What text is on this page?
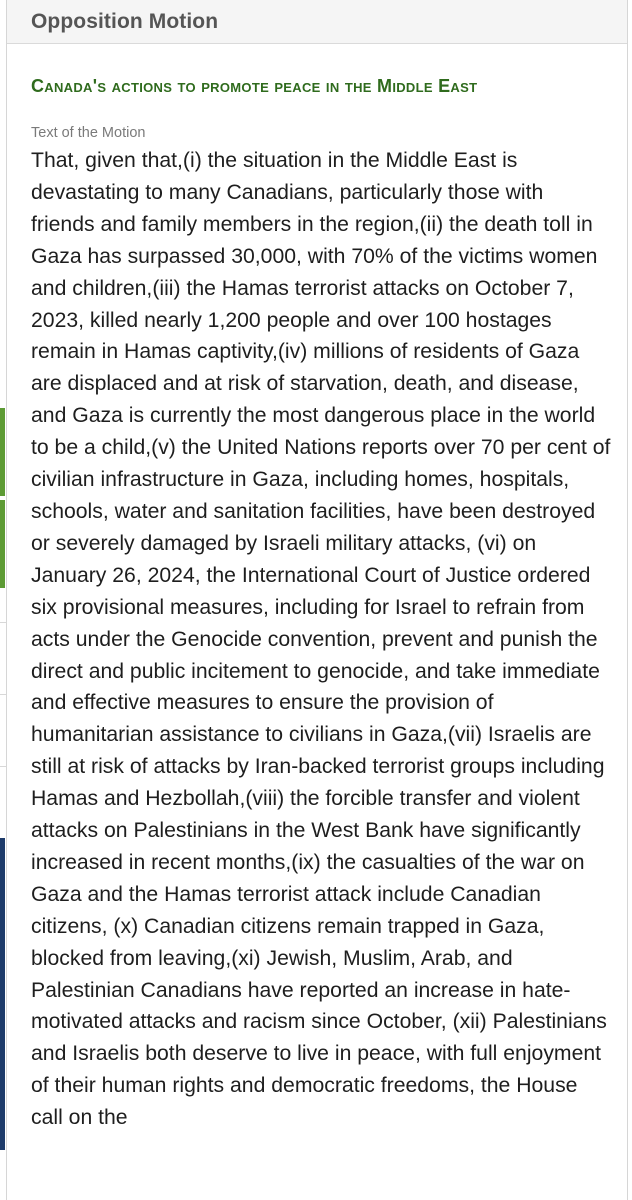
Opposition Motion
Canada's actions to promote peace in the Middle East
Text of the Motion
That, given that,(i) the situation in the Middle East is devastating to many Canadians, particularly those with friends and family members in the region,(ii) the death toll in Gaza has surpassed 30,000, with 70% of the victims women and children,(iii) the Hamas terrorist attacks on October 7, 2023, killed nearly 1,200 people and over 100 hostages remain in Hamas captivity,(iv) millions of residents of Gaza are displaced and at risk of starvation, death, and disease, and Gaza is currently the most dangerous place in the world to be a child,(v) the United Nations reports over 70 per cent of civilian infrastructure in Gaza, including homes, hospitals, schools, water and sanitation facilities, have been destroyed or severely damaged by Israeli military attacks, (vi) on January 26, 2024, the International Court of Justice ordered six provisional measures, including for Israel to refrain from acts under the Genocide convention, prevent and punish the direct and public incitement to genocide, and take immediate and effective measures to ensure the provision of humanitarian assistance to civilians in Gaza,(vii) Israelis are still at risk of attacks by Iran-backed terrorist groups including Hamas and Hezbollah,(viii) the forcible transfer and violent attacks on Palestinians in the West Bank have significantly increased in recent months,(ix) the casualties of the war on Gaza and the Hamas terrorist attack include Canadian citizens, (x) Canadian citizens remain trapped in Gaza, blocked from leaving,(xi) Jewish, Muslim, Arab, and Palestinian Canadians have reported an increase in hate-motivated attacks and racism since October, (xii) Palestinians and Israelis both deserve to live in peace, with full enjoyment of their human rights and democratic freedoms, the House call on the
